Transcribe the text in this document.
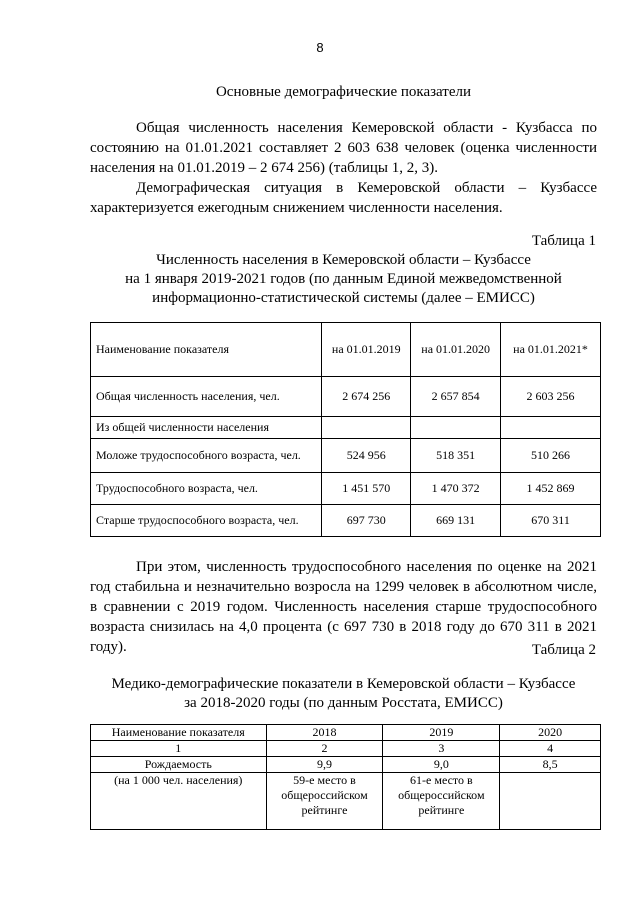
8
Основные демографические показатели

Общая численность населения Кемеровской области - Кузбасса по состоянию на 01.01.2021 составляет 2 603 638 человек (оценка численности населения на 01.01.2019 – 2 674 256) (таблицы 1, 2, 3).

Демографическая ситуация в Кемеровской области – Кузбассе характеризуется ежегодным снижением численности населения.

Таблица 1
Численность населения в Кемеровской области – Кузбассе
на 1 января 2019-2021 годов (по данным Единой межведомственной
информационно-статистической системы (далее – ЕМИСС)
Наименование показателя	на 01.01.2019	на 01.01.2020	на 01.01.2021*
Общая численность населения, чел.	2 674 256	2 657 854	2 603 256
Из общей численности населения			
Моложе трудоспособного возраста, чел.	524 956	518 351	510 266
Трудоспособного возраста, чел.	1 451 570	1 470 372	1 452 869
Старше трудоспособного возраста, чел.	697 730	669 131	670 311

При этом, численность трудоспособного населения по оценке на 2021 год стабильна и незначительно возросла на 1299 человек в абсолютном числе, в сравнении с 2019 годом. Численность населения старше трудоспособного возраста снизилась на 4,0 процента (с 697 730 в 2018 году до 670 311 в 2021 году).	Таблица 2
Медико-демографические показатели в Кемеровской области – Кузбассе
за 2018-2020 годы (по данным Росстата, ЕМИСС)
Наименование показателя	2018	2019	2020
1	2	3	4
Рождаемость	9,9	9,0	8,5
(на 1 000 чел. населения)	59-е место в общероссийском рейтинге	61-е место в общероссийском рейтинге	
